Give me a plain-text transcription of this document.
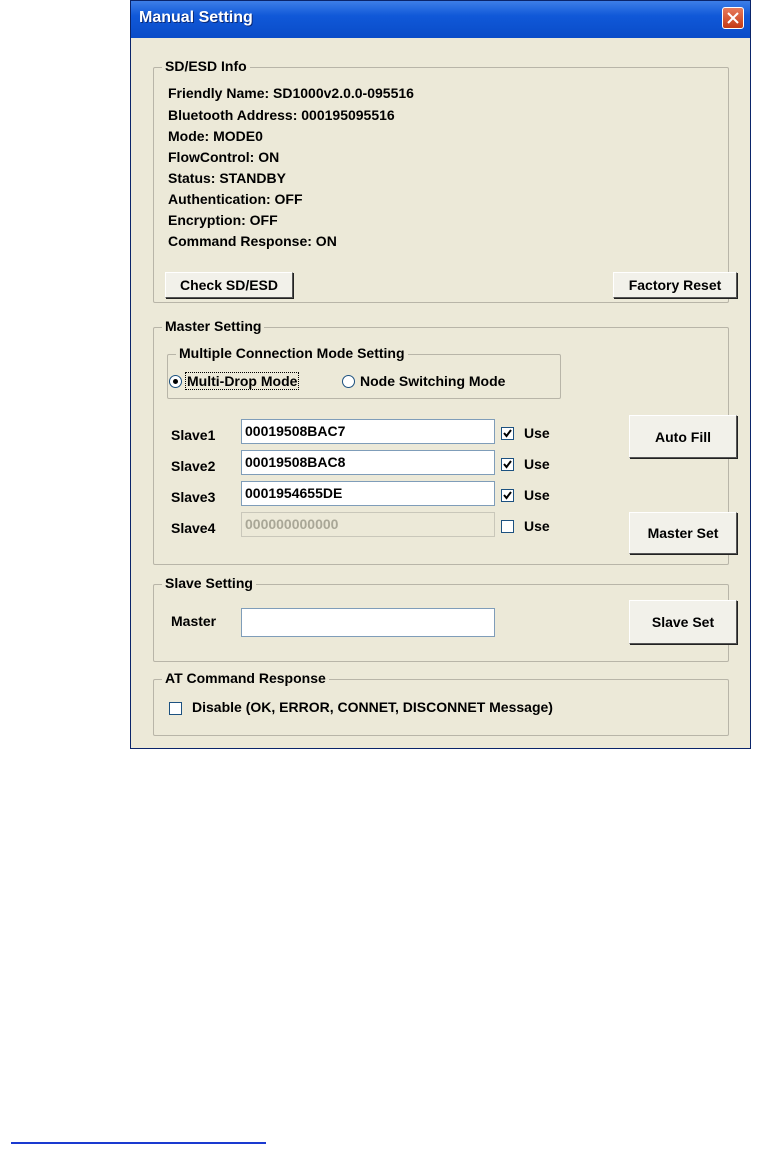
Manual Setting
SD/ESD Info
Friendly Name: SD1000v2.0.0-095516
Bluetooth Address: 000195095516
Mode: MODE0
FlowControl: ON
Status: STANDBY
Authentication: OFF
Encryption: OFF
Command Response: ON
Check SD/ESD	Factory Reset
Master Setting
Multiple Connection Mode Setting
Multi-Drop Mode	Node Switching Mode
Slave1 00019508BAC7	Use
Slave2 00019508BAC8	Use
Slave3 0001954655DE	Use
Slave4 000000000000	Use
Auto Fill
Master Set
Slave Setting
Master	Slave Set
AT Command Response
Disable (OK, ERROR, CONNET, DISCONNET Message)
